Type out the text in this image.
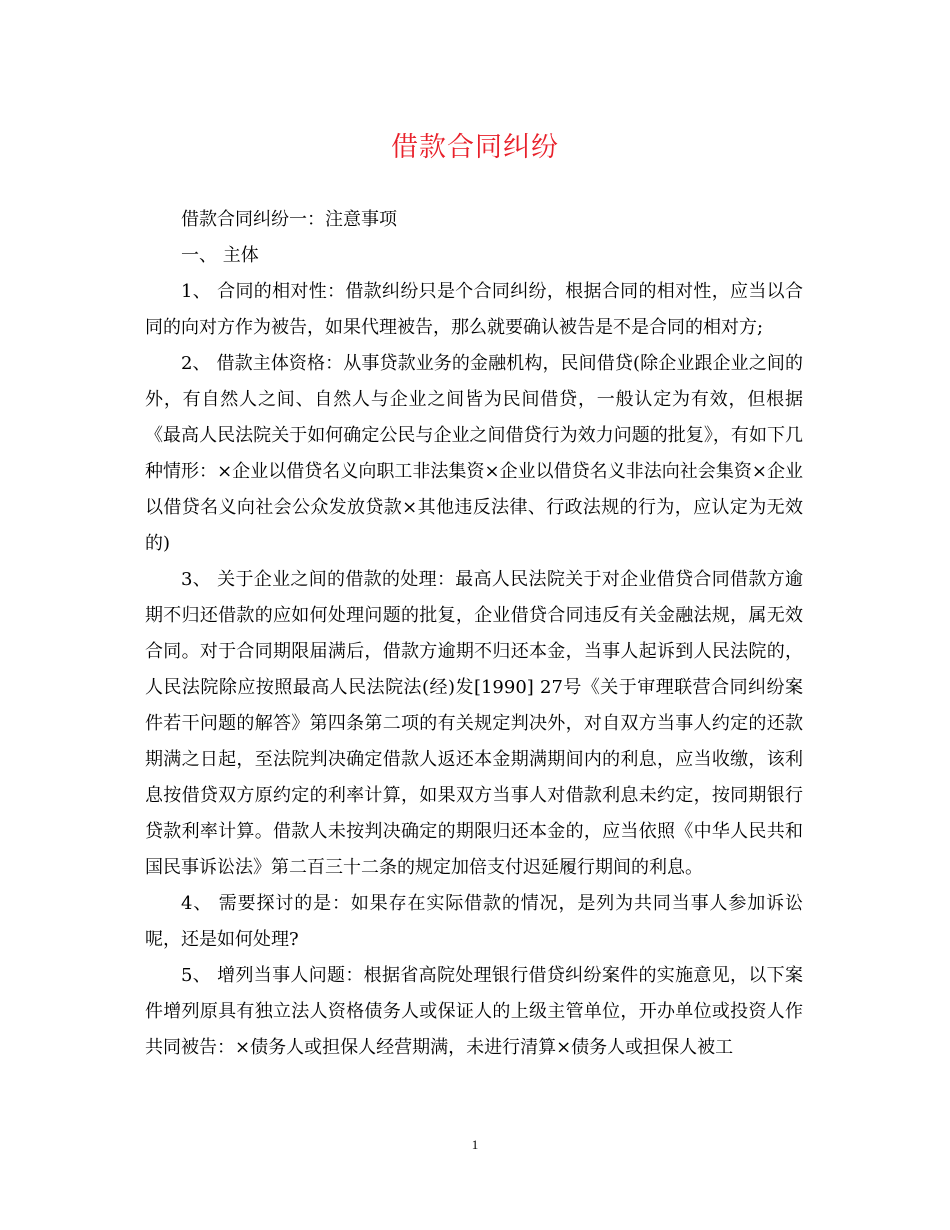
借款合同纠纷

借款合同纠纷一：注意事项

一、 主体

1、 合同的相对性：借款纠纷只是个合同纠纷，根据合同的相对性，应当以合同的向对方作为被告，如果代理被告，那么就要确认被告是不是合同的相对方;

2、 借款主体资格：从事贷款业务的金融机构，民间借贷(除企业跟企业之间的外，有自然人之间、自然人与企业之间皆为民间借贷，一般认定为有效，但根据《最高人民法院关于如何确定公民与企业之间借贷行为效力问题的批复》，有如下几种情形：×企业以借贷名义向职工非法集资×企业以借贷名义非法向社会集资×企业以借贷名义向社会公众发放贷款×其他违反法律、行政法规的行为，应认定为无效的)

3、 关于企业之间的借款的处理：最高人民法院关于对企业借贷合同借款方逾期不归还借款的应如何处理问题的批复，企业借贷合同违反有关金融法规，属无效合同。对于合同期限届满后，借款方逾期不归还本金，当事人起诉到人民法院的，人民法院除应按照最高人民法院法(经)发[1990] 27号《关于审理联营合同纠纷案件若干问题的解答》第四条第二项的有关规定判决外，对自双方当事人约定的还款期满之日起，至法院判决确定借款人返还本金期满期间内的利息，应当收缴，该利息按借贷双方原约定的利率计算，如果双方当事人对借款利息未约定，按同期银行贷款利率计算。借款人未按判决确定的期限归还本金的，应当依照《中华人民共和国民事诉讼法》第二百三十二条的规定加倍支付迟延履行期间的利息。

4、 需要探讨的是：如果存在实际借款的情况，是列为共同当事人参加诉讼呢，还是如何处理?

5、 增列当事人问题：根据省高院处理银行借贷纠纷案件的实施意见，以下案件增列原具有独立法人资格债务人或保证人的上级主管单位，开办单位或投资人作共同被告：×债务人或担保人经营期满，未进行清算×债务人或担保人被工

1
